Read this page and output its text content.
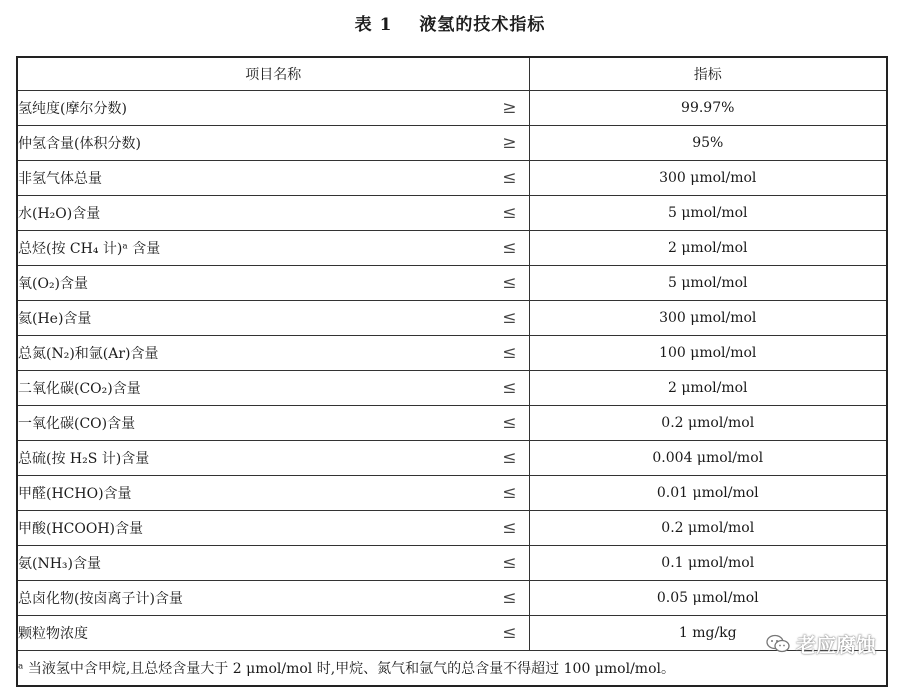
表 1 液氢的技术指标
项目名称	指标
氢纯度(摩尔分数) ≥	99.97%
仲氢含量(体积分数) ≥	95%
非氢气体总量 ≤	300 μmol/mol
水(H₂O)含量 ≤	5 μmol/mol
总烃(按 CH₄ 计)ᵃ 含量 ≤	2 μmol/mol
氧(O₂)含量 ≤	5 μmol/mol
氦(He)含量 ≤	300 μmol/mol
总氮(N₂)和氩(Ar)含量 ≤	100 μmol/mol
二氧化碳(CO₂)含量 ≤	2 μmol/mol
一氧化碳(CO)含量 ≤	0.2 μmol/mol
总硫(按 H₂S 计)含量 ≤	0.004 μmol/mol
甲醛(HCHO)含量 ≤	0.01 μmol/mol
甲酸(HCOOH)含量 ≤	0.2 μmol/mol
氨(NH₃)含量 ≤	0.1 μmol/mol
总卤化物(按卤离子计)含量 ≤	0.05 μmol/mol
颗粒物浓度 ≤	1 mg/kg
ᵃ 当液氢中含甲烷,且总烃含量大于 2 μmol/mol 时,甲烷、氮气和氩气的总含量不得超过 100 μmol/mol。	
老应腐蚀
